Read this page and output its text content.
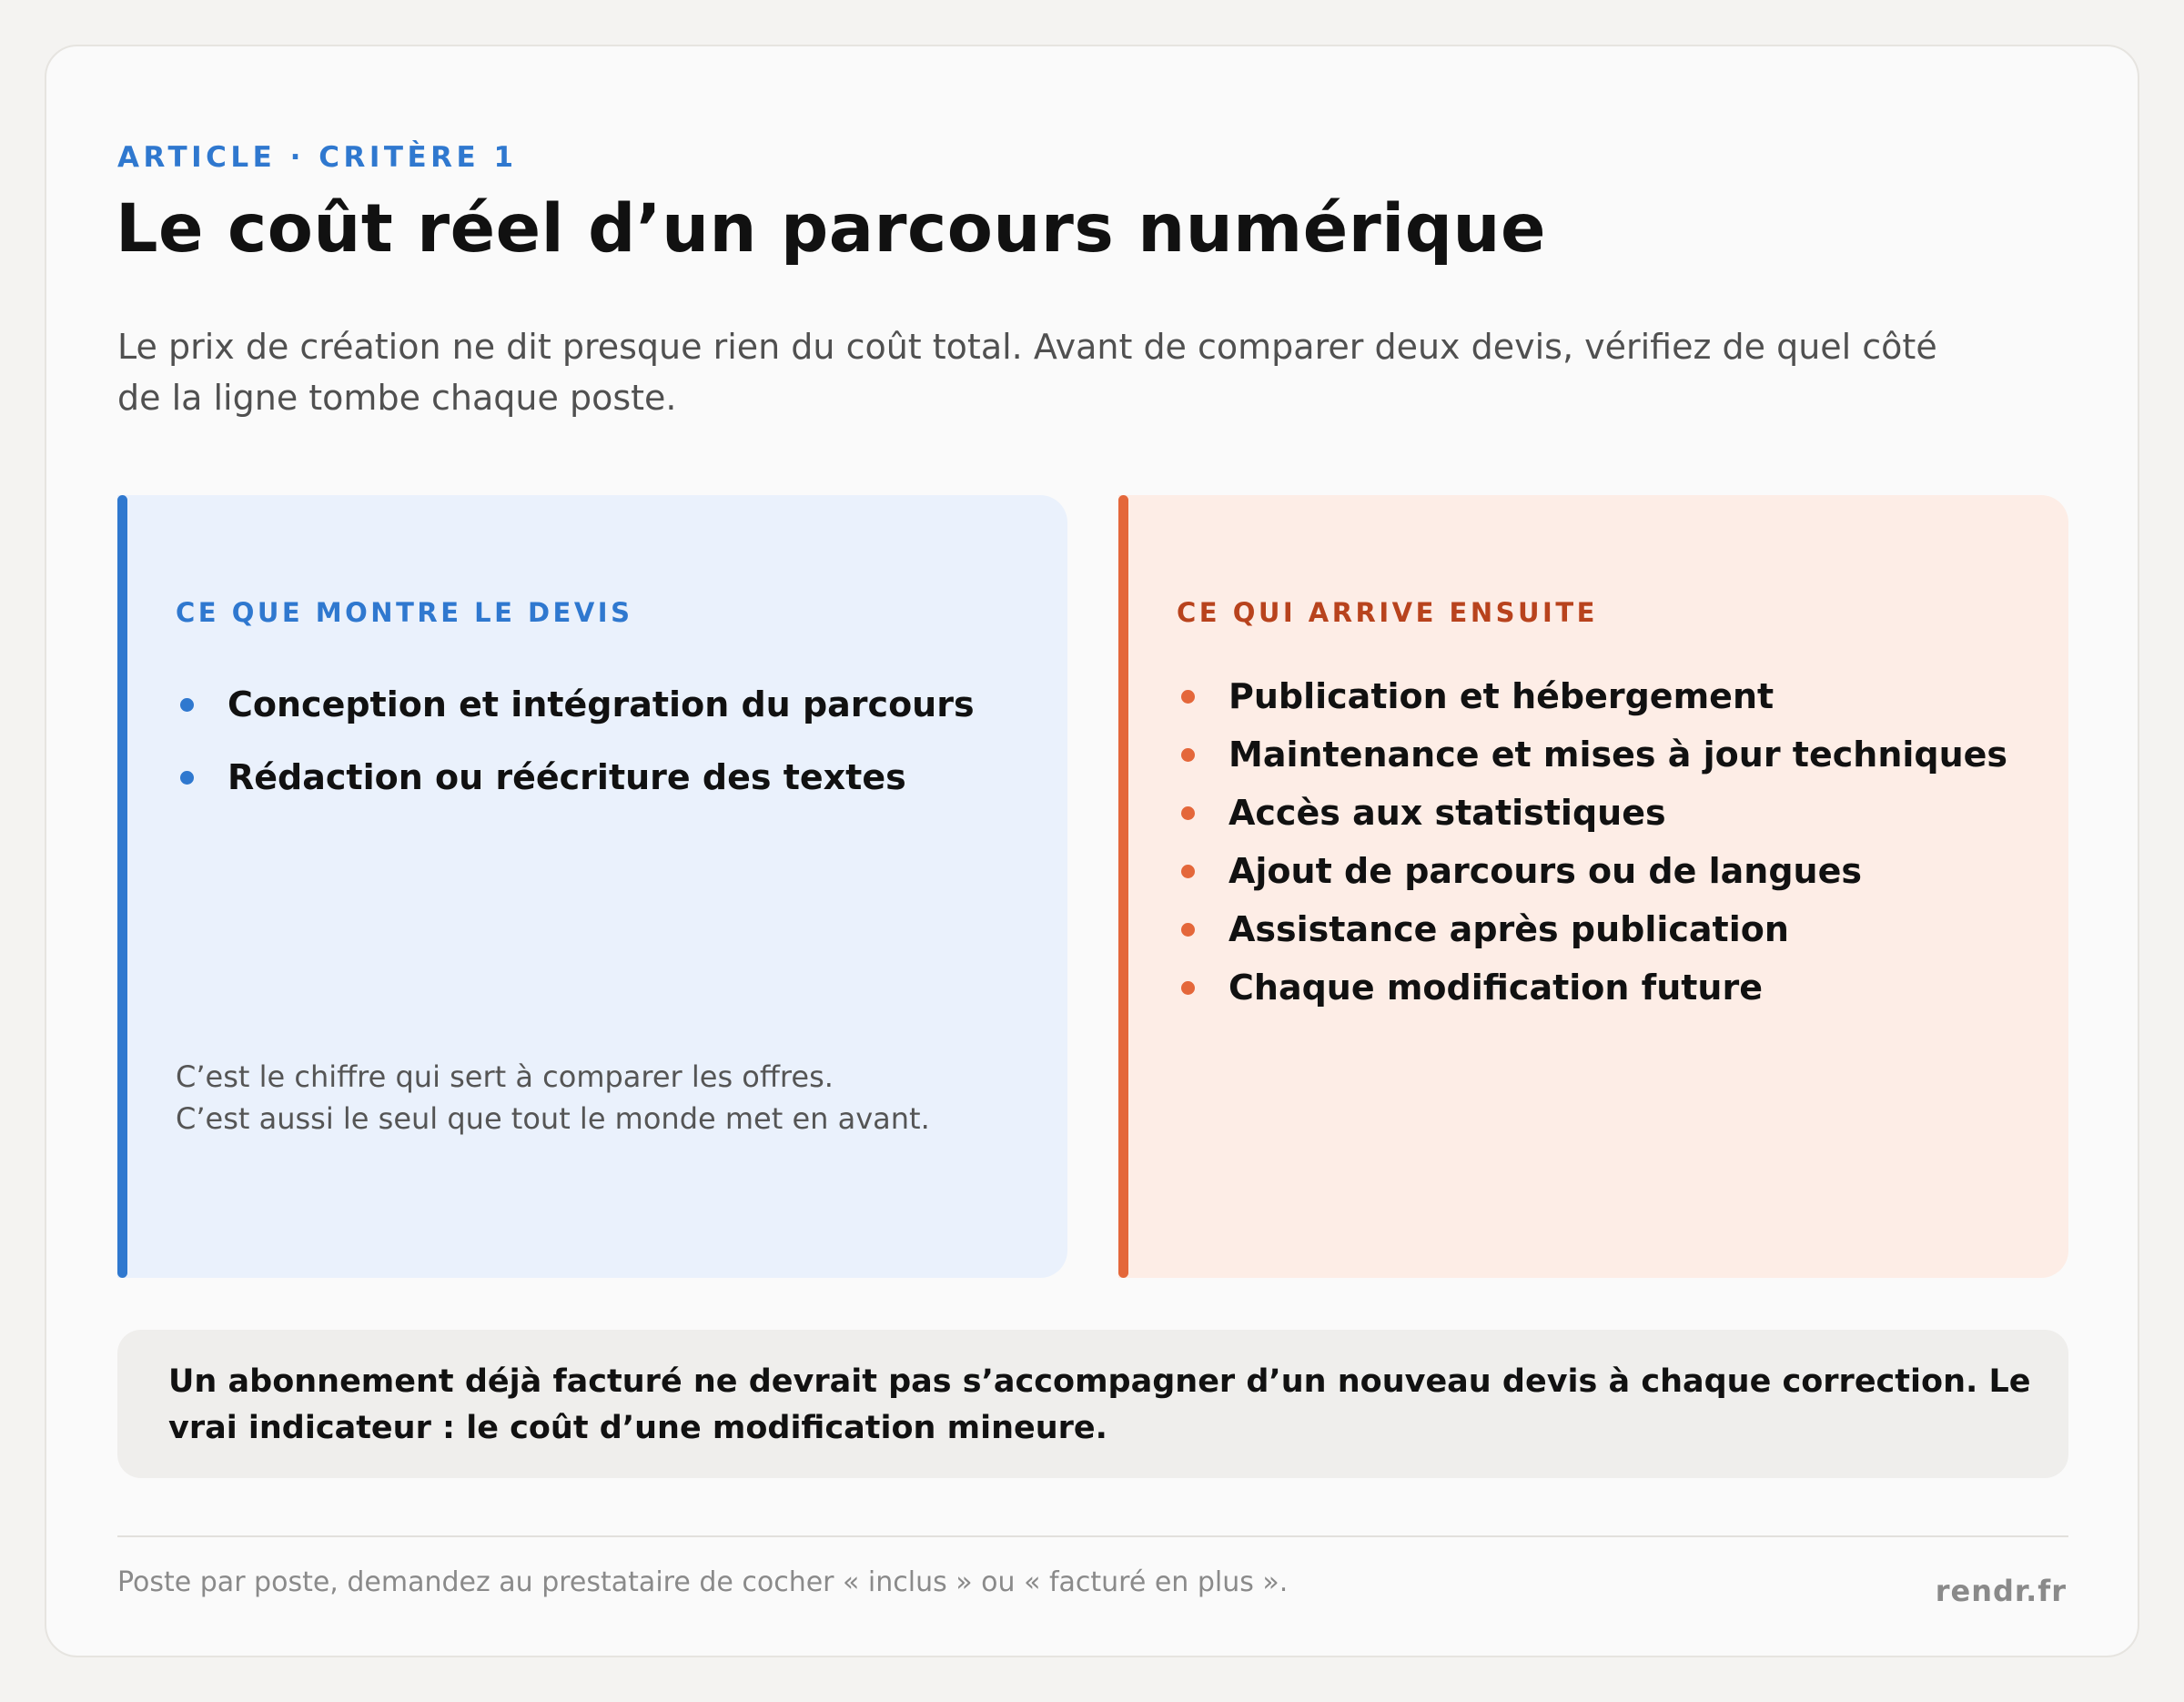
ARTICLE · CRITÈRE 1
Le coût réel d’un parcours numérique

Le prix de création ne dit presque rien du coût total. Avant de comparer deux devis, vérifiez de quel côté de la ligne tombe chaque poste.

CE QUE MONTRE LE DEVIS
Conception et intégration du parcours
Rédaction ou réécriture des textes
C’est le chiffre qui sert à comparer les offres.
C’est aussi le seul que tout le monde met en avant.
CE QUI ARRIVE ENSUITE
Publication et hébergement
Maintenance et mises à jour techniques
Accès aux statistiques
Ajout de parcours ou de langues
Assistance après publication
Chaque modification future

Un abonnement déjà facturé ne devrait pas s’accompagner d’un nouveau devis à chaque correction. Le vrai indicateur : le coût d’une modification mineure.

Poste par poste, demandez au prestataire de cocher « inclus » ou « facturé en plus ».	rendr.fr
